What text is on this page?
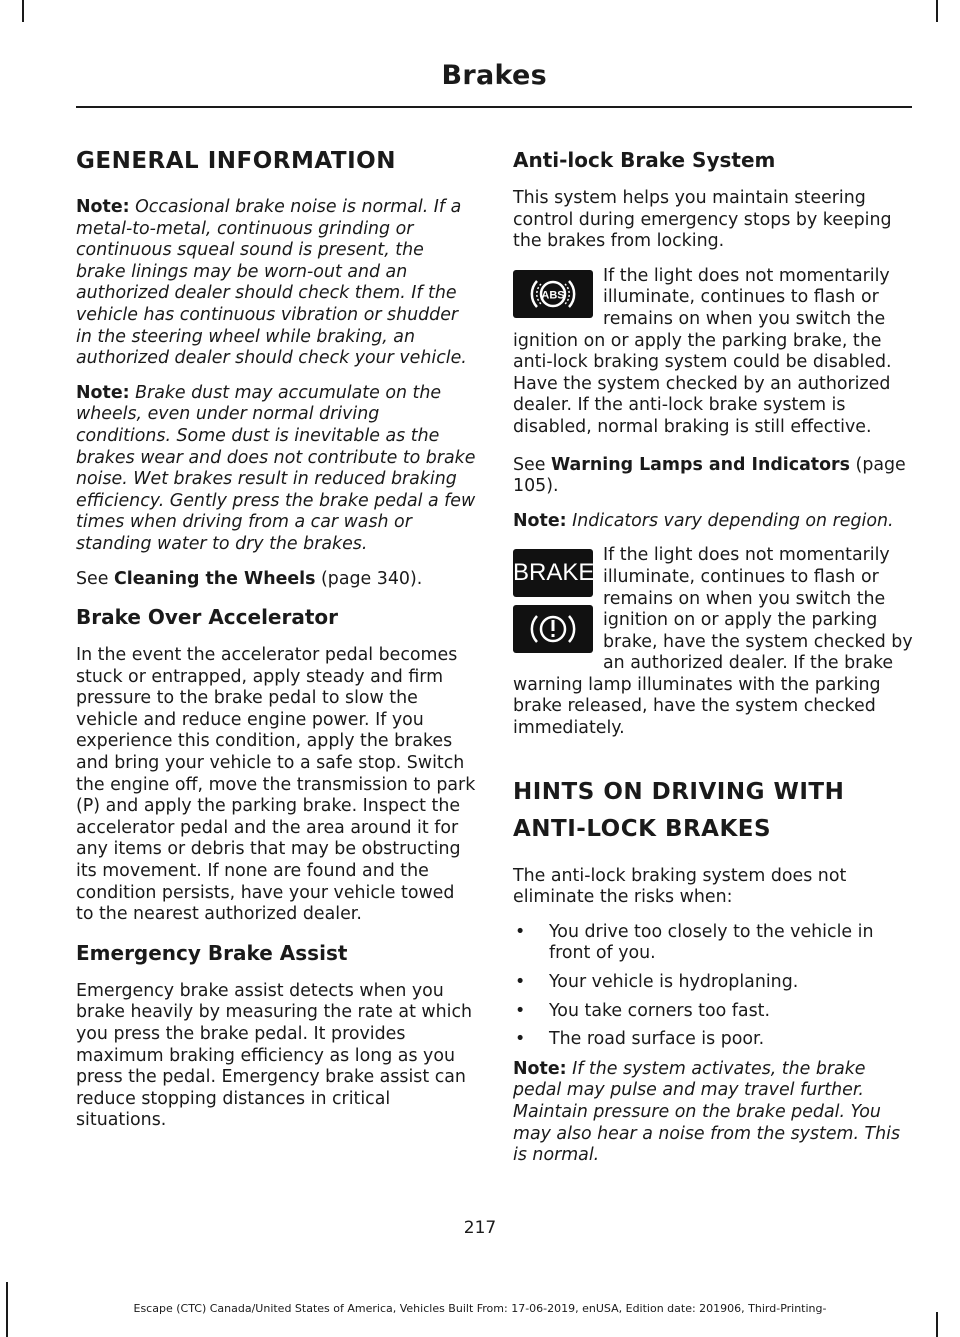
Brakes
GENERAL INFORMATION

Note: Occasional brake noise is normal. If a metal-to-metal, continuous grinding or continuous squeal sound is present, the brake linings may be worn-out and an authorized dealer should check them. If the vehicle has continuous vibration or shudder in the steering wheel while braking, an authorized dealer should check your vehicle.

Note: Brake dust may accumulate on the wheels, even under normal driving conditions. Some dust is inevitable as the brakes wear and does not contribute to brake noise. Wet brakes result in reduced braking efficiency. Gently press the brake pedal a few times when driving from a car wash or standing water to dry the brakes.

See Cleaning the Wheels (page 340).

Brake Over Accelerator

In the event the accelerator pedal becomes stuck or entrapped, apply steady and firm pressure to the brake pedal to slow the vehicle and reduce engine power. If you experience this condition, apply the brakes and bring your vehicle to a safe stop. Switch the engine off, move the transmission to park (P) and apply the parking brake. Inspect the accelerator pedal and the area around it for any items or debris that may be obstructing its movement. If none are found and the condition persists, have your vehicle towed to the nearest authorized dealer.

Emergency Brake Assist

Emergency brake assist detects when you brake heavily by measuring the rate at which you press the brake pedal. It provides maximum braking efficiency as long as you press the pedal. Emergency brake assist can reduce stopping distances in critical situations.

Anti-lock Brake System

This system helps you maintain steering control during emergency stops by keeping the brakes from locking.

ABS

If the light does not momentarily illuminate, continues to flash or remains on when you switch the ignition on or apply the parking brake, the anti-lock braking system could be disabled. Have the system checked by an authorized dealer. If the anti-lock brake system is disabled, normal braking is still effective.

See Warning Lamps and Indicators (page 105).

Note: Indicators vary depending on region.

BRAKE

If the light does not momentarily illuminate, continues to flash or remains on when you switch the ignition on or apply the parking brake, have the system checked by an authorized dealer. If the brake warning lamp illuminates with the parking brake released, have the system checked immediately.

HINTS ON DRIVING WITH
ANTI-LOCK BRAKES

The anti-lock braking system does not eliminate the risks when:

• You drive too closely to the vehicle in front of you.
• Your vehicle is hydroplaning.
• You take corners too fast.
• The road surface is poor.

Note: If the system activates, the brake pedal may pulse and may travel further. Maintain pressure on the brake pedal. You may also hear a noise from the system. This is normal.

217
Escape (CTC) Canada/United States of America, Vehicles Built From: 17-06-2019, enUSA, Edition date: 201906, Third-Printing-
